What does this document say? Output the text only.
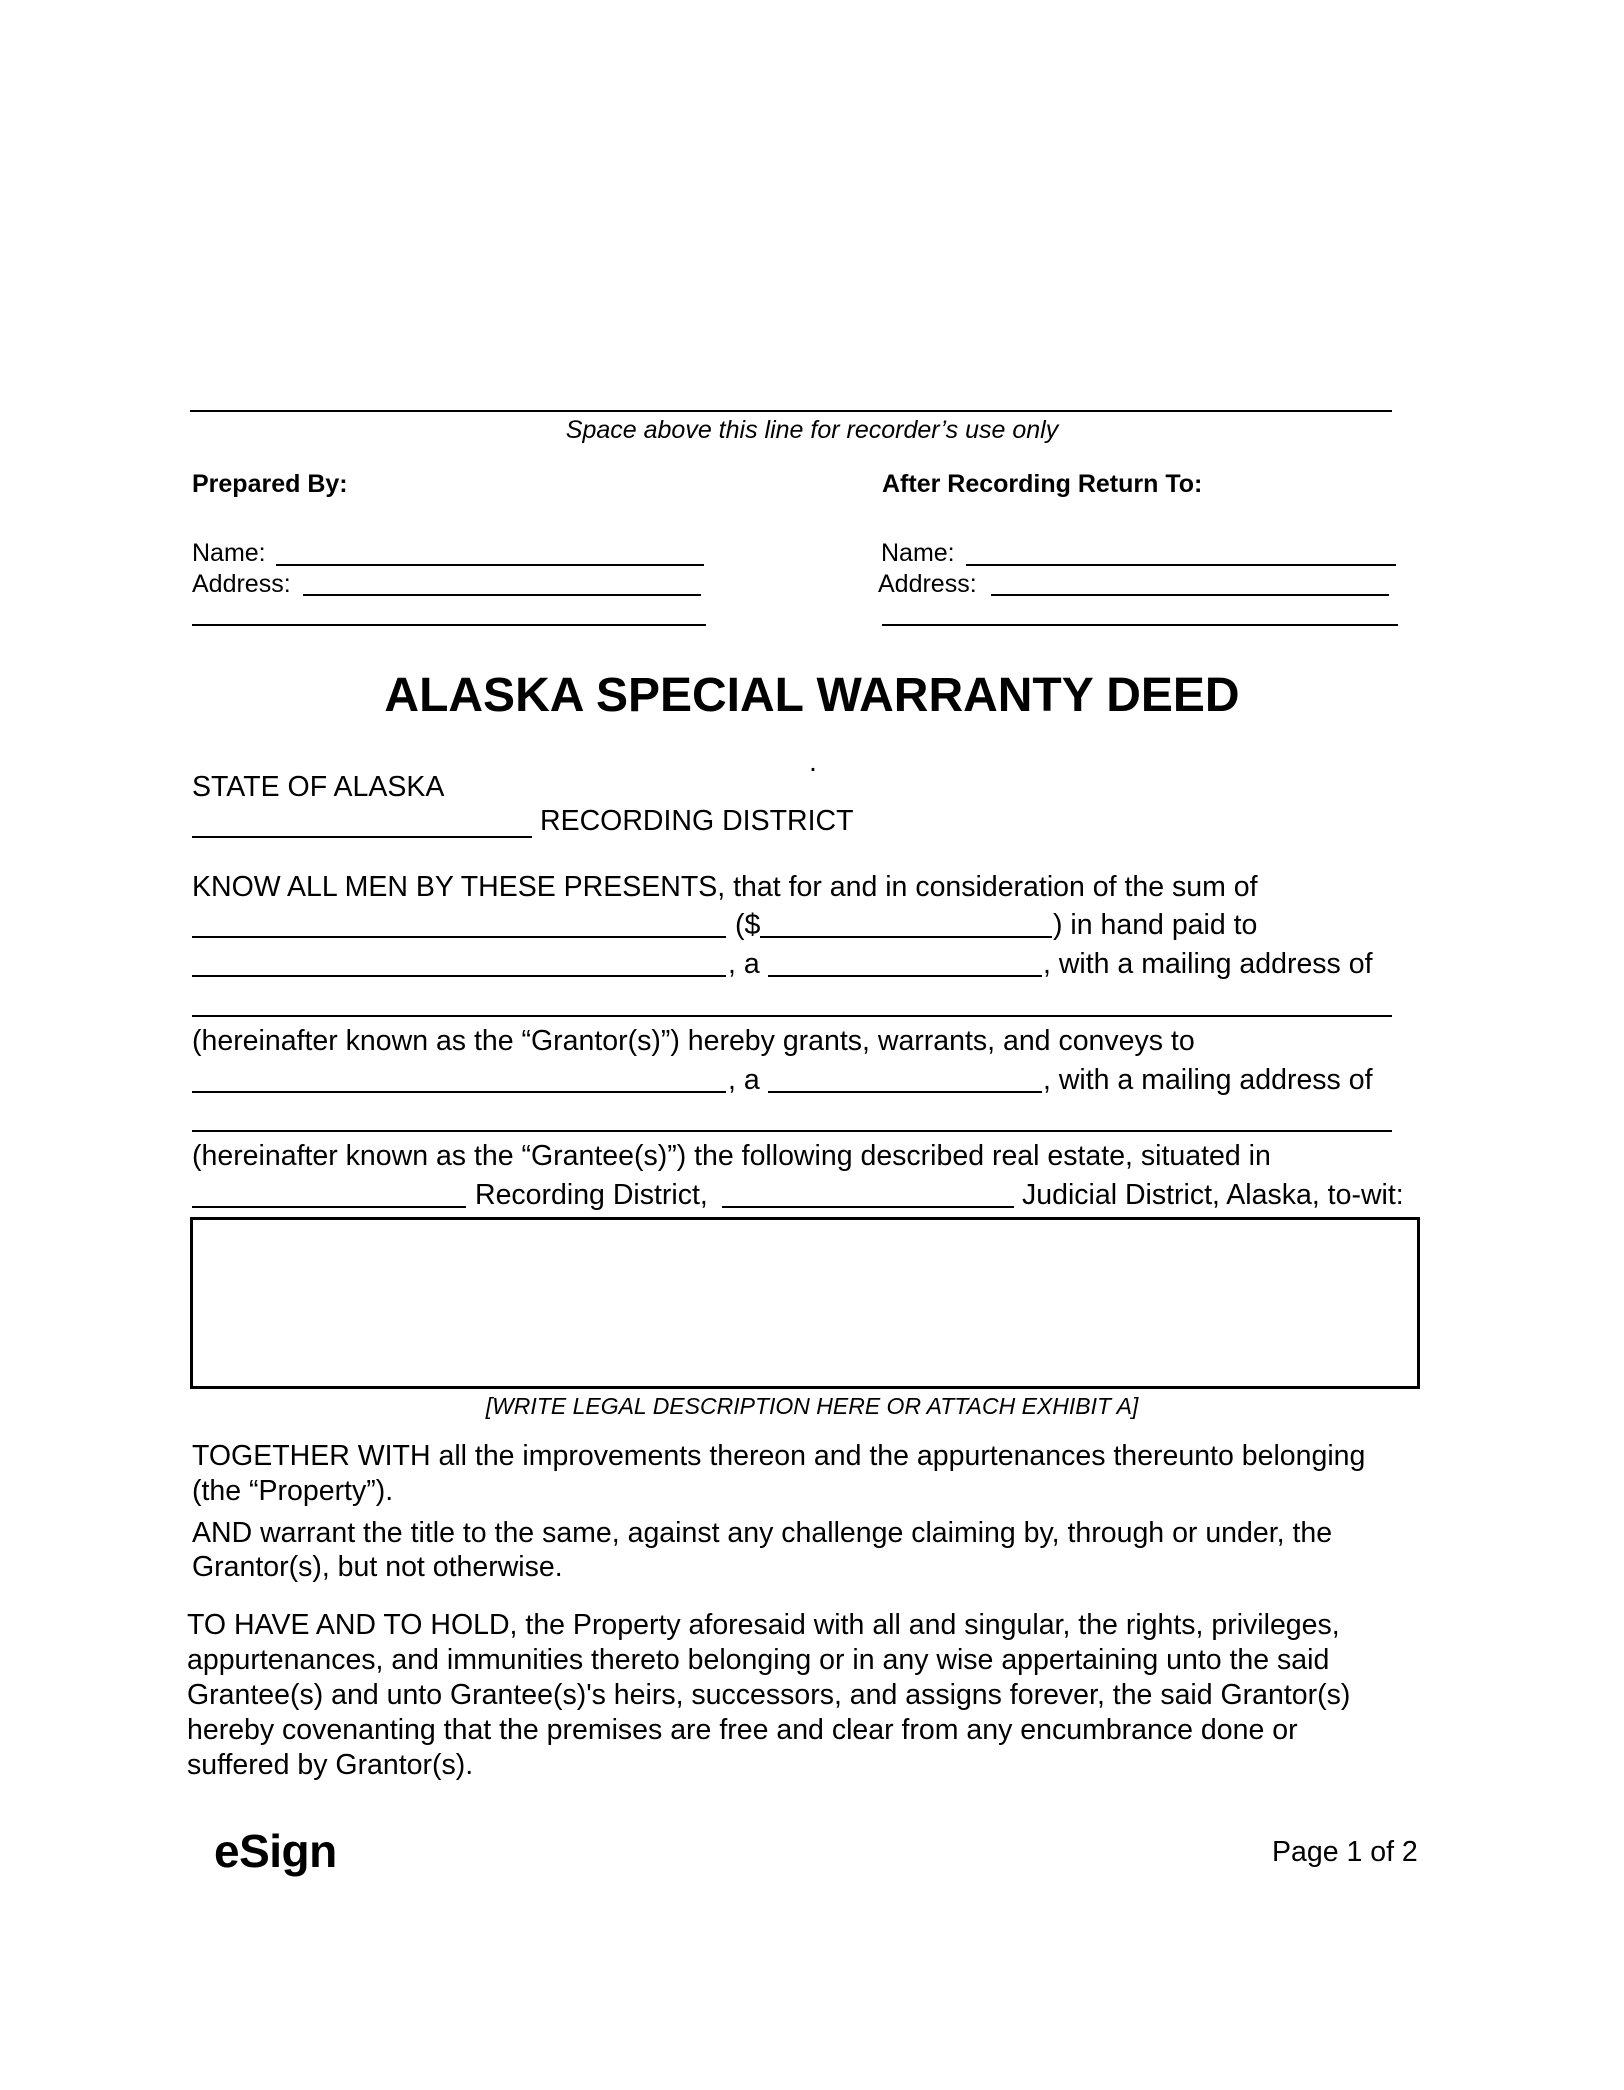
Space above this line for recorder’s use only
Prepared By:
Name:
Address:
After Recording Return To:
Name:
Address:
ALASKA SPECIAL WARRANTY DEED
.
STATE OF ALASKA
RECORDING DISTRICT
KNOW ALL MEN BY THESE PRESENTS, that for and in consideration of the sum of
($	) in hand paid to
, a	, with a mailing address of
(hereinafter known as the “Grantor(s)”) hereby grants, warrants, and conveys to
, a	, with a mailing address of
(hereinafter known as the “Grantee(s)”) the following described real estate, situated in
Recording District,	Judicial District, Alaska, to-wit:
[WRITE LEGAL DESCRIPTION HERE OR ATTACH EXHIBIT A]
TOGETHER WITH all the improvements thereon and the appurtenances thereunto belonging
(the “Property”).
AND warrant the title to the same, against any challenge claiming by, through or under, the
Grantor(s), but not otherwise.
TO HAVE AND TO HOLD, the Property aforesaid with all and singular, the rights, privileges,
appurtenances, and immunities thereto belonging or in any wise appertaining unto the said
Grantee(s) and unto Grantee(s)'s heirs, successors, and assigns forever, the said Grantor(s)
hereby covenanting that the premises are free and clear from any encumbrance done or
suffered by Grantor(s).
eSign	Page 1 of 2
